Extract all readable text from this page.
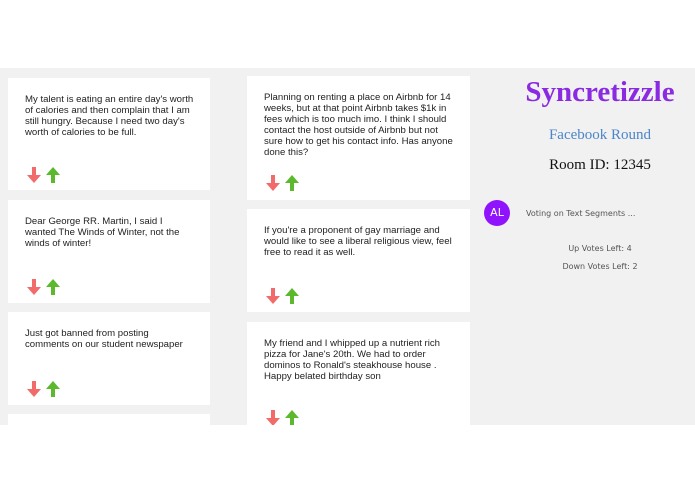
My talent is eating an entire day's worth of calories and then complain that I am still hungry. Because I need two day's worth of calories to be full.

Dear George RR. Martin, I said I wanted The Winds of Winter, not the winds of winter!

Just got banned from posting comments on our student newspaper

Planning on renting a place on Airbnb for 14 weeks, but at that point Airbnb takes $1k in fees which is too much imo. I think I should contact the host outside of Airbnb but not sure how to get his contact info. Has anyone done this?

If you're a proponent of gay marriage and would like to see a liberal religious view, feel free to read it as well.

My friend and I whipped up a nutrient rich pizza for Jane's 20th. We had to order dominos to Ronald's steakhouse house . Happy belated birthday son

Syncretizzle
Facebook Round
Room ID: 12345
AL	Voting on Text Segments ...
Up Votes Left: 4
Down Votes Left: 2
